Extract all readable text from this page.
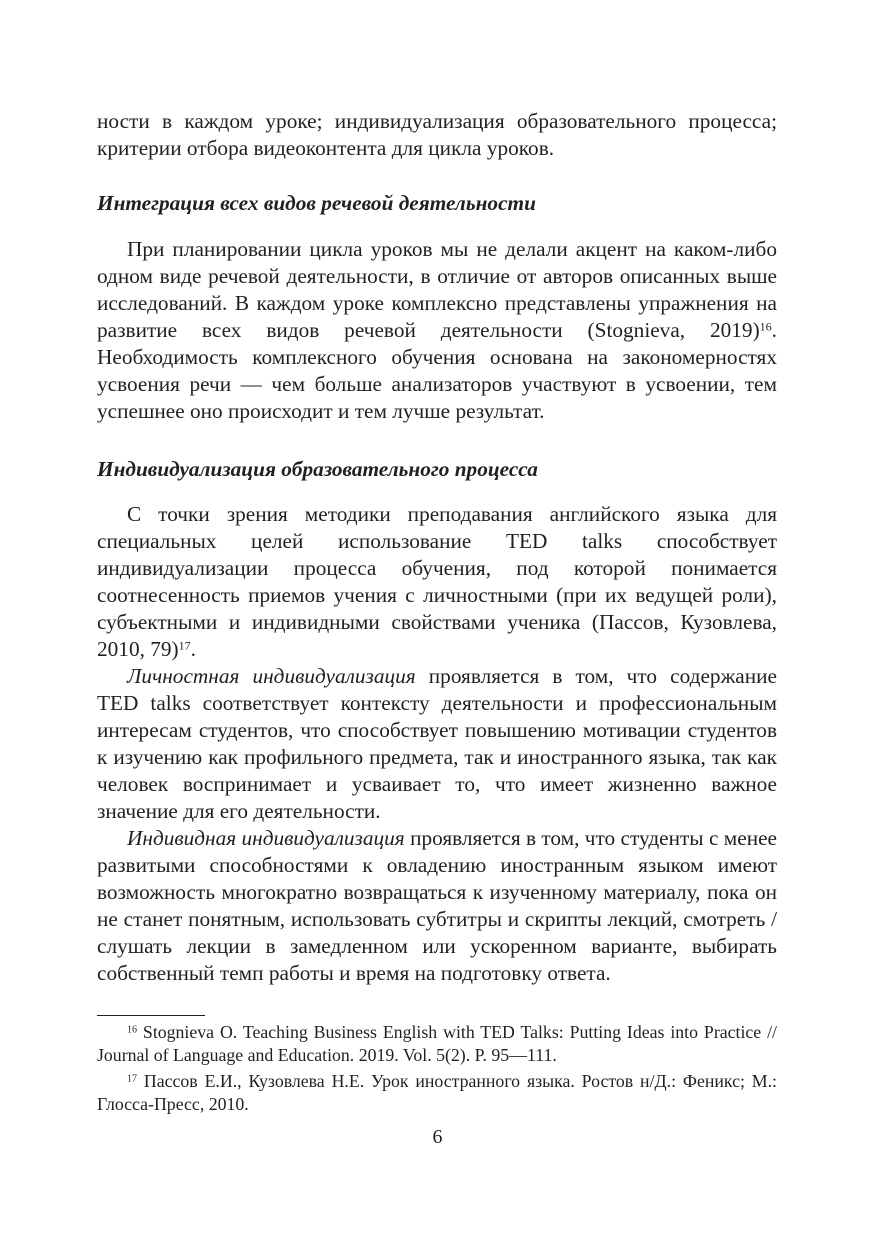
ности в каждом уроке; индивидуализация образовательного процесса; критерии отбора видеоконтента для цикла уроков.

Интеграция всех видов речевой деятельности

При планировании цикла уроков мы не делали акцент на каком-либо одном виде речевой деятельности, в отличие от авторов описанных выше исследований. В каждом уроке комплексно представлены упражнения на развитие всех видов речевой деятельности (Stognieva, 2019)$^{16}$. Необходимость комплексного обучения основана на закономерностях усвоения речи — чем больше анализаторов участвуют в усвоении, тем успешнее оно происходит и тем лучше результат.

Индивидуализация образовательного процесса

С точки зрения методики преподавания английского языка для специальных целей использование TED talks способствует индивидуализации процесса обучения, под которой понимается соотнесенность приемов учения с личностными (при их ведущей роли), субъектными и индивидными свойствами ученика (Пассов, Кузовлева, 2010, 79)$^{17}$.

Личностная индивидуализация проявляется в том, что содержание TED talks соответствует контексту деятельности и профессиональным интересам студентов, что способствует повышению мотивации студентов к изучению как профильного предмета, так и иностранного языка, так как человек воспринимает и усваивает то, что имеет жизненно важное значение для его деятельности.

Индивидная индивидуализация проявляется в том, что студенты с менее развитыми способностями к овладению иностранным языком имеют возможность многократно возвращаться к изученному материалу, пока он не станет понятным, использовать субтитры и скрипты лекций, смотреть / слушать лекции в замедленном или ускоренном варианте, выбирать собственный темп работы и время на подготовку ответа.

$^{16}$ Stognieva O. Teaching Business English with TED Talks: Putting Ideas into Practice // Journal of Language and Education. 2019. Vol. 5(2). P. 95—111.

$^{17}$ Пассов Е.И., Кузовлева Н.Е. Урок иностранного языка. Ростов н/Д.: Феникс; М.: Глосса-Пресс, 2010.

6
